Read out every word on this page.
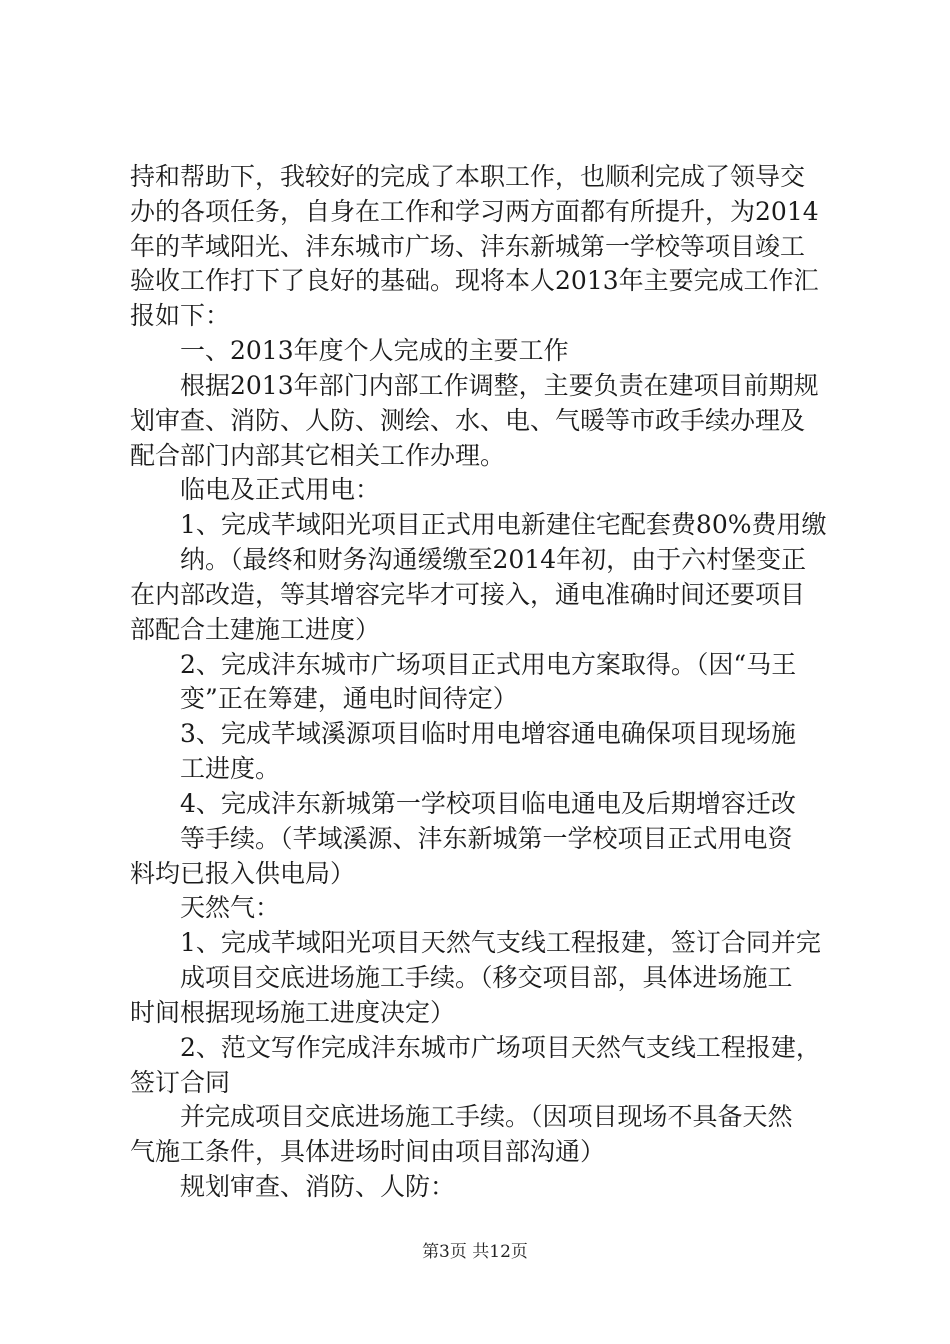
持和帮助下，我较好的完成了本职工作，也顺利完成了领导交
办的各项任务，自身在工作和学习两方面都有所提升，为2014
年的芊域阳光、沣东城市广场、沣东新城第一学校等项目竣工
验收工作打下了良好的基础。现将本人2013年主要完成工作汇
报如下：
一、2013年度个人完成的主要工作
根据2013年部门内部工作调整，主要负责在建项目前期规
划审查、消防、人防、测绘、水、电、气暖等市政手续办理及
配合部门内部其它相关工作办理。
临电及正式用电：
1、完成芊域阳光项目正式用电新建住宅配套费80%费用缴
纳。（最终和财务沟通缓缴至2014年初，由于六村堡变正
在内部改造，等其增容完毕才可接入，通电准确时间还要项目
部配合土建施工进度）
2、完成沣东城市广场项目正式用电方案取得。（因“马王
变”正在筹建，通电时间待定）
3、完成芊域溪源项目临时用电增容通电确保项目现场施
工进度。
4、完成沣东新城第一学校项目临电通电及后期增容迁改
等手续。（芊域溪源、沣东新城第一学校项目正式用电资
料均已报入供电局）
天然气：
1、完成芊域阳光项目天然气支线工程报建，签订合同并完
成项目交底进场施工手续。（移交项目部，具体进场施工
时间根据现场施工进度决定）
2、范文写作完成沣东城市广场项目天然气支线工程报建，
签订合同
并完成项目交底进场施工手续。（因项目现场不具备天然
气施工条件，具体进场时间由项目部沟通）
规划审查、消防、人防：
第3页 共12页
